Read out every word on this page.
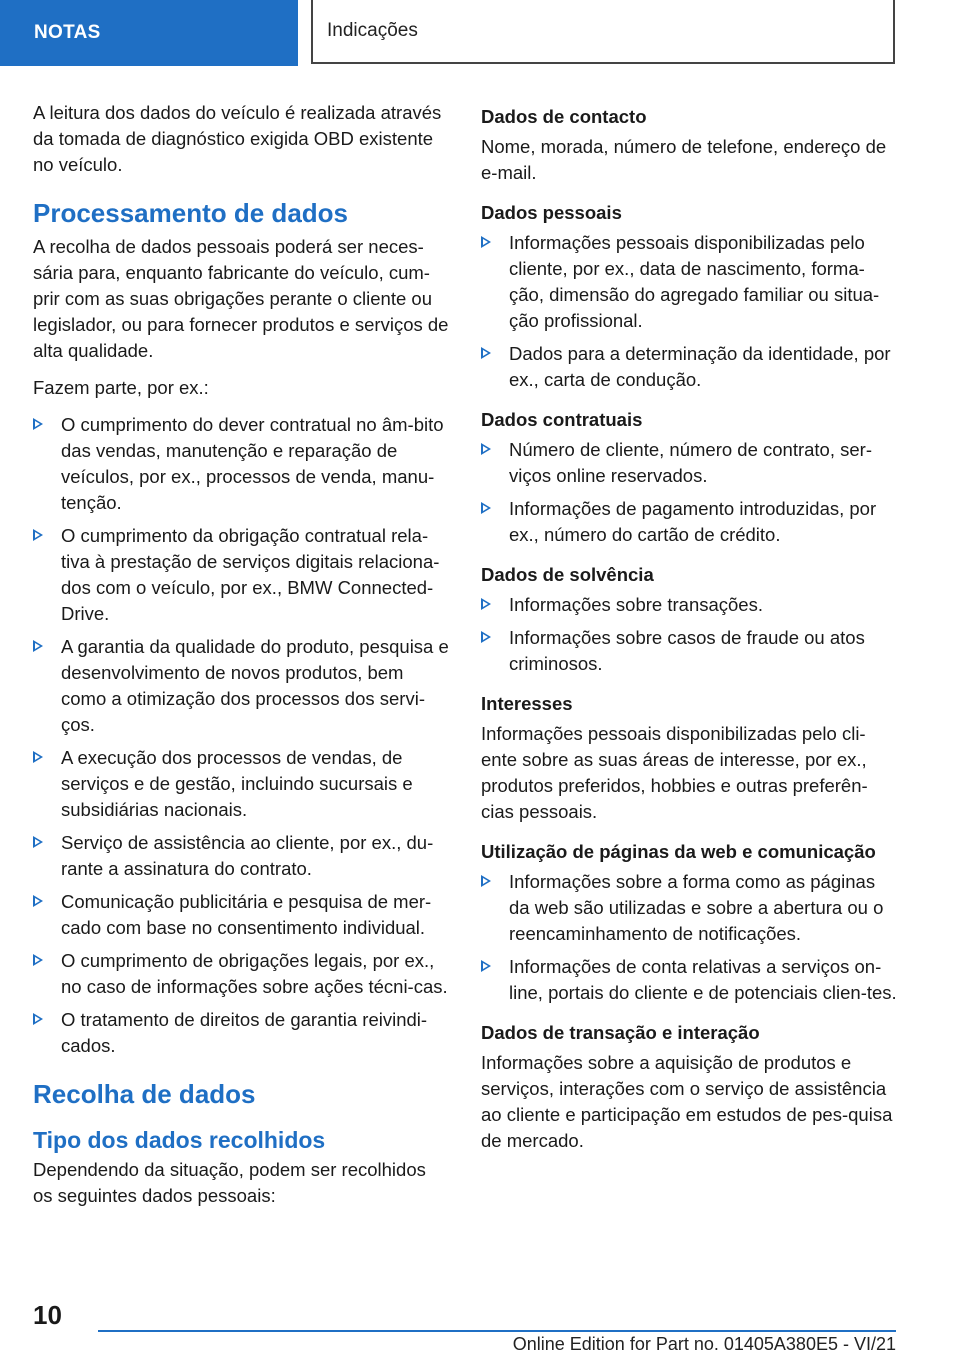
NOTAS	Indicações

A leitura dos dados do veículo é realizada através da tomada de diagnóstico exigida OBD existente no veículo.

Processamento de dados

A recolha de dados pessoais poderá ser neces-sária para, enquanto fabricante do veículo, cum-prir com as suas obrigações perante o cliente ou legislador, ou para fornecer produtos e serviços de alta qualidade.

Fazem parte, por ex.:

O cumprimento do dever contratual no âm-bito das vendas, manutenção e reparação de veículos, por ex., processos de venda, manu-tenção.
O cumprimento da obrigação contratual rela-tiva à prestação de serviços digitais relaciona-dos com o veículo, por ex., BMW Connected-Drive.
A garantia da qualidade do produto, pesquisa e desenvolvimento de novos produtos, bem como a otimização dos processos dos servi-ços.
A execução dos processos de vendas, de serviços e de gestão, incluindo sucursais e subsidiárias nacionais.
Serviço de assistência ao cliente, por ex., du-rante a assinatura do contrato.
Comunicação publicitária e pesquisa de mer-cado com base no consentimento individual.
O cumprimento de obrigações legais, por ex., no caso de informações sobre ações técni-cas.
O tratamento de direitos de garantia reivindi-cados.
Recolha de dados
Tipo dos dados recolhidos

Dependendo da situação, podem ser recolhidos os seguintes dados pessoais:

Dados de contacto

Nome, morada, número de telefone, endereço de e-mail.

Dados pessoais
Informações pessoais disponibilizadas pelo cliente, por ex., data de nascimento, forma-ção, dimensão do agregado familiar ou situa-ção profissional.
Dados para a determinação da identidade, por ex., carta de condução.
Dados contratuais
Número de cliente, número de contrato, ser-viços online reservados.
Informações de pagamento introduzidas, por ex., número do cartão de crédito.
Dados de solvência
Informações sobre transações.
Informações sobre casos de fraude ou atos criminosos.
Interesses

Informações pessoais disponibilizadas pelo cli-ente sobre as suas áreas de interesse, por ex., produtos preferidos, hobbies e outras preferên-cias pessoais.

Utilização de páginas da web e comunicação
Informações sobre a forma como as páginas da web são utilizadas e sobre a abertura ou o reencaminhamento de notificações.
Informações de conta relativas a serviços on-line, portais do cliente e de potenciais clien-tes.
Dados de transação e interação

Informações sobre a aquisição de produtos e serviços, interações com o serviço de assistência ao cliente e participação em estudos de pes-quisa de mercado.

10
Online Edition for Part no. 01405A380E5 - VI/21
